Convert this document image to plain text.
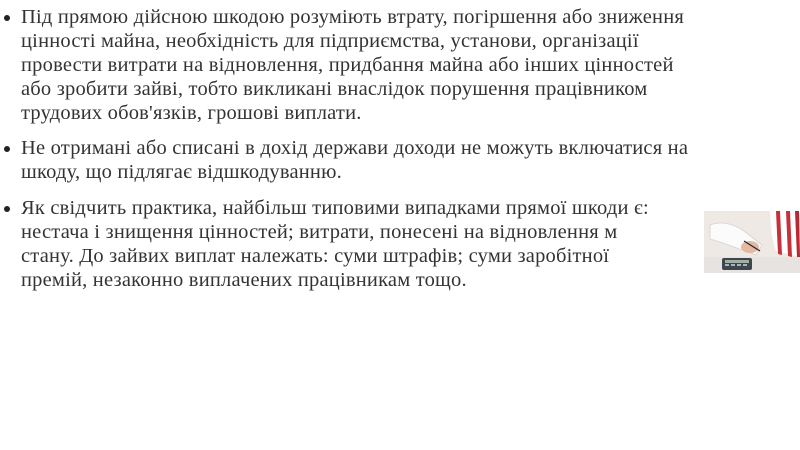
Під прямою дійсною шкодою розуміють втрату, погіршення або зниження
цінності майна, необхідність для підприємства, установи, організації
провести витрати на відновлення, придбання майна або інших цінностей
або зробити зайві, тобто викликані внаслідок порушення працівником
трудових обов'язків, грошові виплати.
Не отримані або списані в дохід держави доходи не можуть включатися на
шкоду, що підлягає відшкодуванню.
Як свідчить практика, найбільш типовими випадками прямої шкоди є:
нестача і знищення цінностей; витрати, понесені на відновлення м
стану. До зайвих виплат належать: суми штрафів; суми заробітної
премій, незаконно виплачених працівникам тощо.
